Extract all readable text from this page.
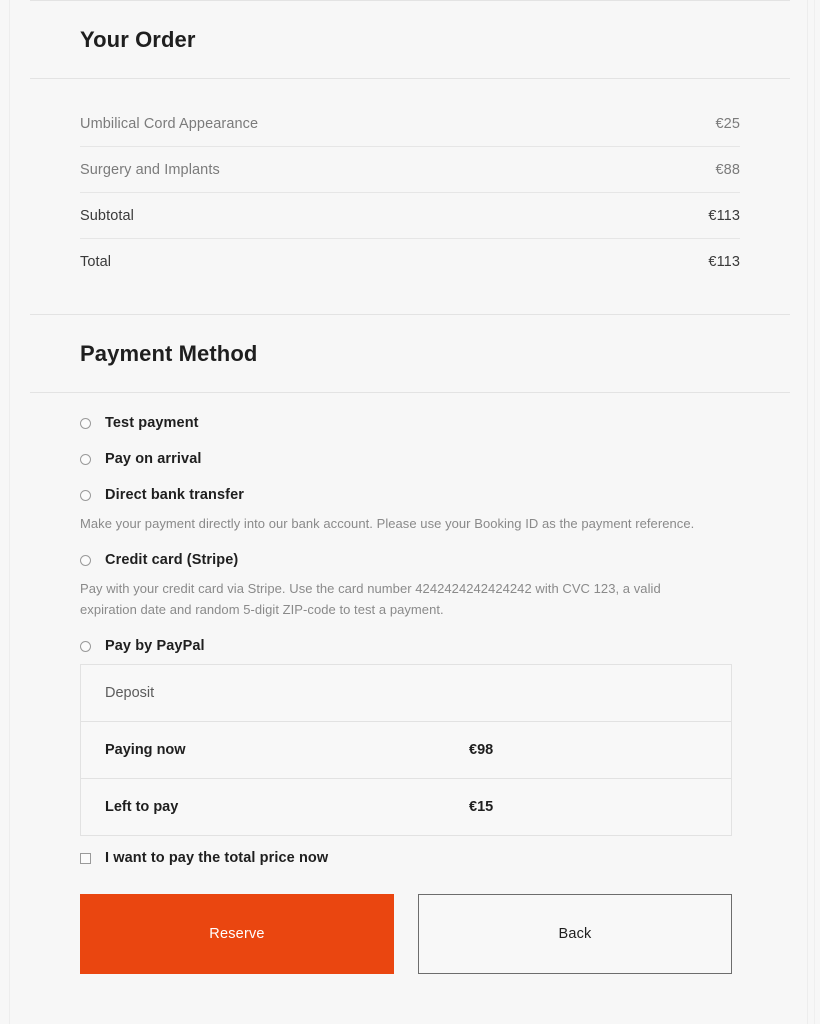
Your Order
Umbilical Cord Appearance	€25
Surgery and Implants	€88
Subtotal	€113
Total	€113
Payment Method
Test payment
Pay on arrival
Direct bank transfer

Make your payment directly into our bank account. Please use your Booking ID as the payment reference.

Credit card (Stripe)

Pay with your credit card via Stripe. Use the card number 4242424242424242 with CVC 123, a valid expiration date and random 5-digit ZIP-code to test a payment.

Pay by PayPal
Deposit	
Paying now	€98
Left to pay	€15
I want to pay the total price now
Reserve	Back
